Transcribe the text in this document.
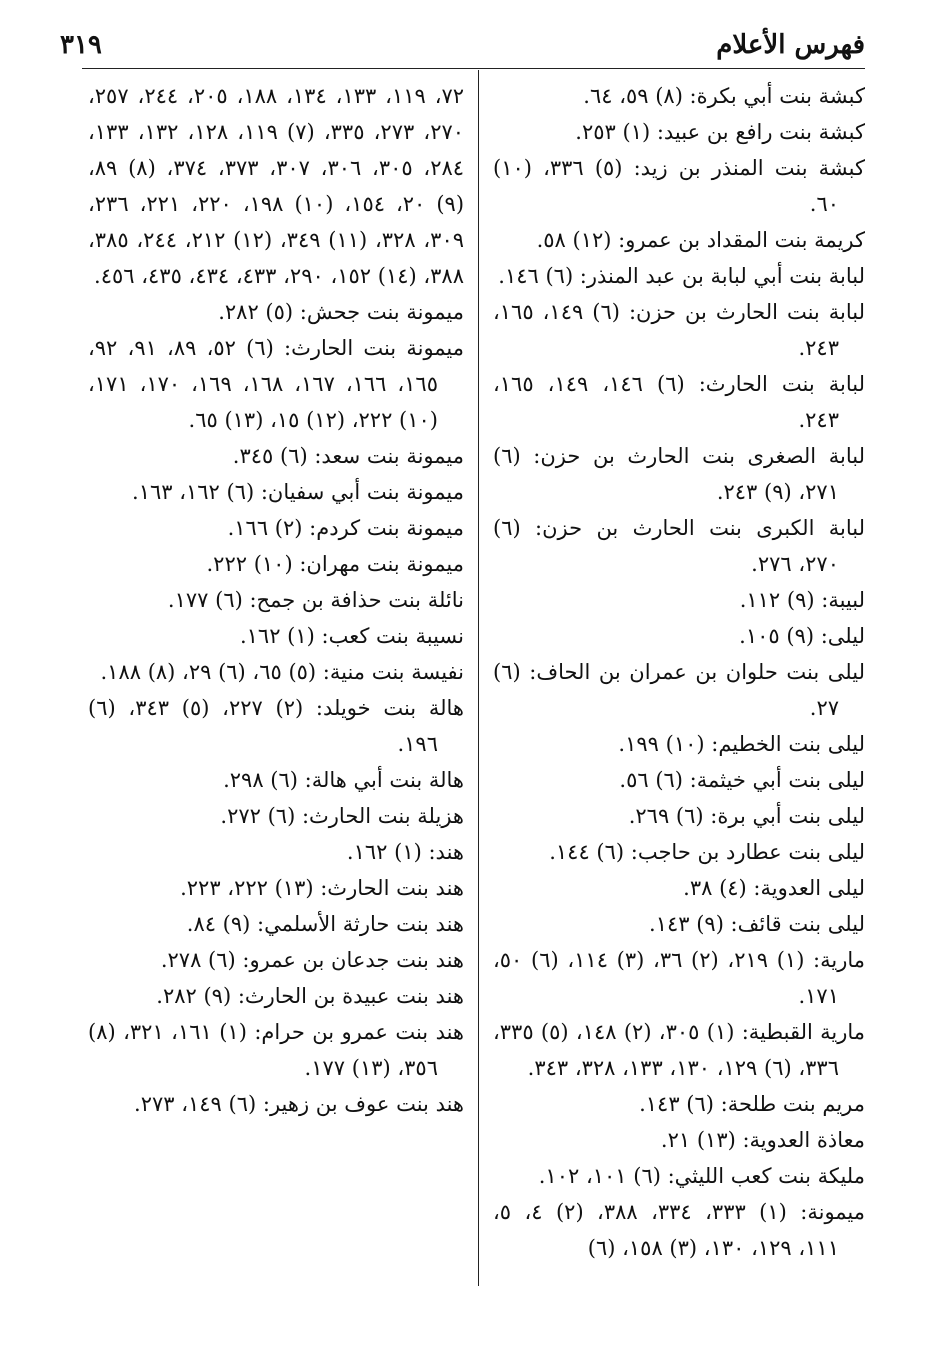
فهرس الأعلام
٣١٩
كبشة بنت أبي بكرة: (٨) ٥٩، ٦٤.
كبشة بنت رافع بن عبيد: (١) ٢٥٣.
كبشة بنت المنذر بن زيد: (٥) ٣٣٦، (١٠) ٦٠.
كريمة بنت المقداد بن عمرو: (١٢) ٥٨.
لبابة بنت أبي لبابة بن عبد المنذر: (٦) ١٤٦.
لبابة بنت الحارث بن حزن: (٦) ١٤٩، ١٦٥، ٢٤٣.
لبابة بنت الحارث: (٦) ١٤٦، ١٤٩، ١٦٥، ٢٤٣.
لبابة الصغرى بنت الحارث بن حزن: (٦) ٢٧١، (٩) ٢٤٣.
لبابة الكبرى بنت الحارث بن حزن: (٦) ٢٧٠، ٢٧٦.
لبيبة: (٩) ١١٢.
ليلى: (٩) ١٠٥.
ليلى بنت حلوان بن عمران بن الحاف: (٦) ٢٧.
ليلى بنت الخطيم: (١٠) ١٩٩.
ليلى بنت أبي خيثمة: (٦) ٥٦.
ليلى بنت أبي برة: (٦) ٢٦٩.
ليلى بنت عطارد بن حاجب: (٦) ١٤٤.
ليلى العدوية: (٤) ٣٨.
ليلى بنت قائف: (٩) ١٤٣.
مارية: (١) ٢١٩، (٢) ٣٦، (٣) ١١٤، (٦) ٥٠، ١٧١.
مارية القبطية: (١) ٣٠٥، (٢) ١٤٨، (٥) ٣٣٥، ٣٣٦، (٦) ١٢٩، ١٣٠، ١٣٣، ٣٢٨، ٣٤٣.
مريم بنت طلحة: (٦) ١٤٣.
معاذة العدوية: (١٣) ٢١.
مليكة بنت كعب الليثي: (٦) ١٠١، ١٠٢.
ميمونة: (١) ٣٣٣، ٣٣٤، ٣٨٨، (٢) ٤، ٥، ١١١، ١٢٩، ١٣٠، (٣) ١٥٨، (٦)
٧٢، ١١٩، ١٣٣، ١٣٤، ١٨٨، ٢٠٥، ٢٤٤، ٢٥٧، ٢٧٠، ٢٧٣، ٣٣٥، (٧) ١١٩، ١٢٨، ١٣٢، ١٣٣، ٢٨٤، ٣٠٥، ٣٠٦، ٣٠٧، ٣٧٣، ٣٧٤، (٨) ٨٩، (٩) ٢٠، ١٥٤، (١٠) ١٩٨، ٢٢٠، ٢٢١، ٢٣٦، ٣٠٩، ٣٢٨، (١١) ٣٤٩، (١٢) ٢١٢، ٢٤٤، ٣٨٥، ٣٨٨، (١٤) ١٥٢، ٢٩٠، ٤٣٣، ٤٣٤، ٤٣٥، ٤٥٦.
ميمونة بنت جحش: (٥) ٢٨٢.
ميمونة بنت الحارث: (٦) ٥٢، ٨٩، ٩١، ٩٢، ١٦٥، ١٦٦، ١٦٧، ١٦٨، ١٦٩، ١٧٠، ١٧١، (١٠) ٢٢٢، (١٢) ١٥، (١٣) ٦٥.
ميمونة بنت سعد: (٦) ٣٤٥.
ميمونة بنت أبي سفيان: (٦) ١٦٢، ١٦٣.
ميمونة بنت كردم: (٢) ١٦٦.
ميمونة بنت مهران: (١٠) ٢٢٢.
نائلة بنت حذافة بن جمح: (٦) ١٧٧.
نسيبة بنت كعب: (١) ١٦٢.
نفيسة بنت منية: (٥) ٦٥، (٦) ٢٩، (٨) ١٨٨.
هالة بنت خويلد: (٢) ٢٢٧، (٥) ٣٤٣، (٦) ١٩٦.
هالة بنت أبي هالة: (٦) ٢٩٨.
هزيلة بنت الحارث: (٦) ٢٧٢.
هند: (١) ١٦٢.
هند بنت الحارث: (١٣) ٢٢٢، ٢٢٣.
هند بنت حارثة الأسلمي: (٩) ٨٤.
هند بنت جدعان بن عمرو: (٦) ٢٧٨.
هند بنت عبيدة بن الحارث: (٩) ٢٨٢.
هند بنت عمرو بن حرام: (١) ١٦١، ٣٢١، (٨) ٣٥٦، (١٣) ١٧٧.
هند بنت عوف بن زهير: (٦) ١٤٩، ٢٧٣.
